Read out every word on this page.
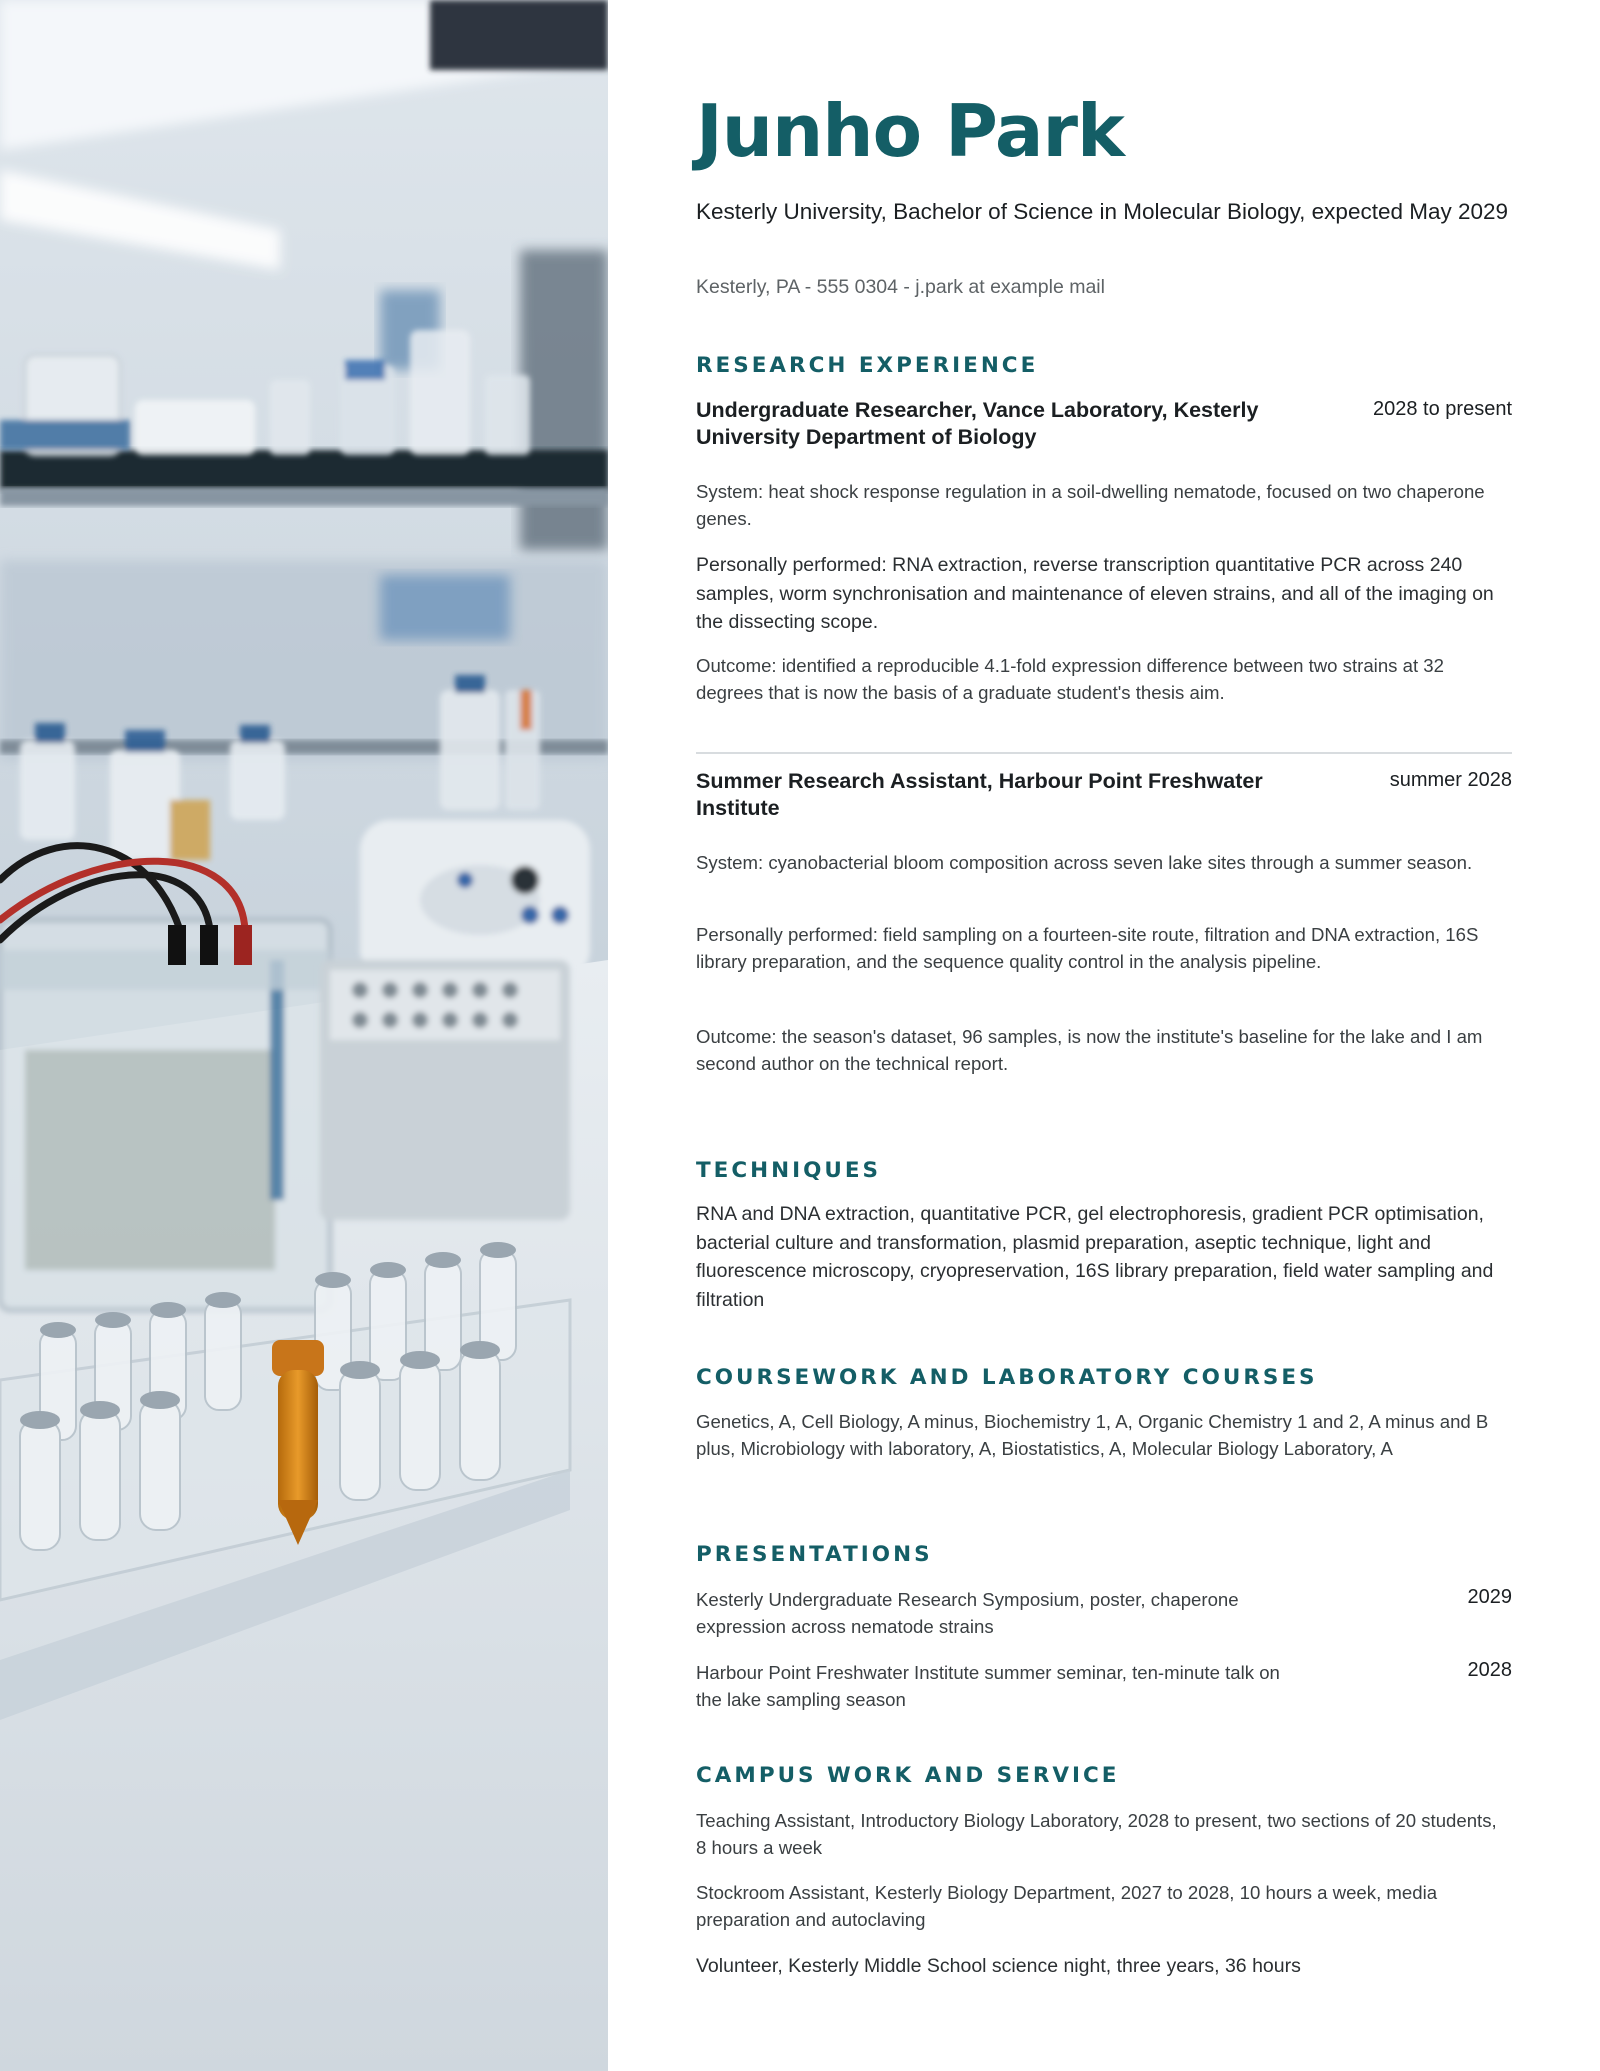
Junho Park
Kesterly University, Bachelor of Science in Molecular Biology, expected May 2029
Kesterly, PA - 555 0304 - j.park at example mail
RESEARCH EXPERIENCE
Undergraduate Researcher, Vance Laboratory, Kesterly University Department of Biology
2028 to present
System: heat shock response regulation in a soil-dwelling nematode, focused on two chaperone genes.
Personally performed: RNA extraction, reverse transcription quantitative PCR across 240 samples, worm synchronisation and maintenance of eleven strains, and all of the imaging on the dissecting scope.
Outcome: identified a reproducible 4.1-fold expression difference between two strains at 32 degrees that is now the basis of a graduate student's thesis aim.
Summer Research Assistant, Harbour Point Freshwater Institute
summer 2028
System: cyanobacterial bloom composition across seven lake sites through a summer season.
Personally performed: field sampling on a fourteen-site route, filtration and DNA extraction, 16S library preparation, and the sequence quality control in the analysis pipeline.
Outcome: the season's dataset, 96 samples, is now the institute's baseline for the lake and I am second author on the technical report.
TECHNIQUES
RNA and DNA extraction, quantitative PCR, gel electrophoresis, gradient PCR optimisation, bacterial culture and transformation, plasmid preparation, aseptic technique, light and fluorescence microscopy, cryopreservation, 16S library preparation, field water sampling and filtration
COURSEWORK AND LABORATORY COURSES
Genetics, A, Cell Biology, A minus, Biochemistry 1, A, Organic Chemistry 1 and 2, A minus and B plus, Microbiology with laboratory, A, Biostatistics, A, Molecular Biology Laboratory, A
PRESENTATIONS
Kesterly Undergraduate Research Symposium, poster, chaperone expression across nematode strains
2029
Harbour Point Freshwater Institute summer seminar, ten-minute talk on the lake sampling season
2028
CAMPUS WORK AND SERVICE
Teaching Assistant, Introductory Biology Laboratory, 2028 to present, two sections of 20 students, 8 hours a week
Stockroom Assistant, Kesterly Biology Department, 2027 to 2028, 10 hours a week, media preparation and autoclaving
Volunteer, Kesterly Middle School science night, three years, 36 hours
